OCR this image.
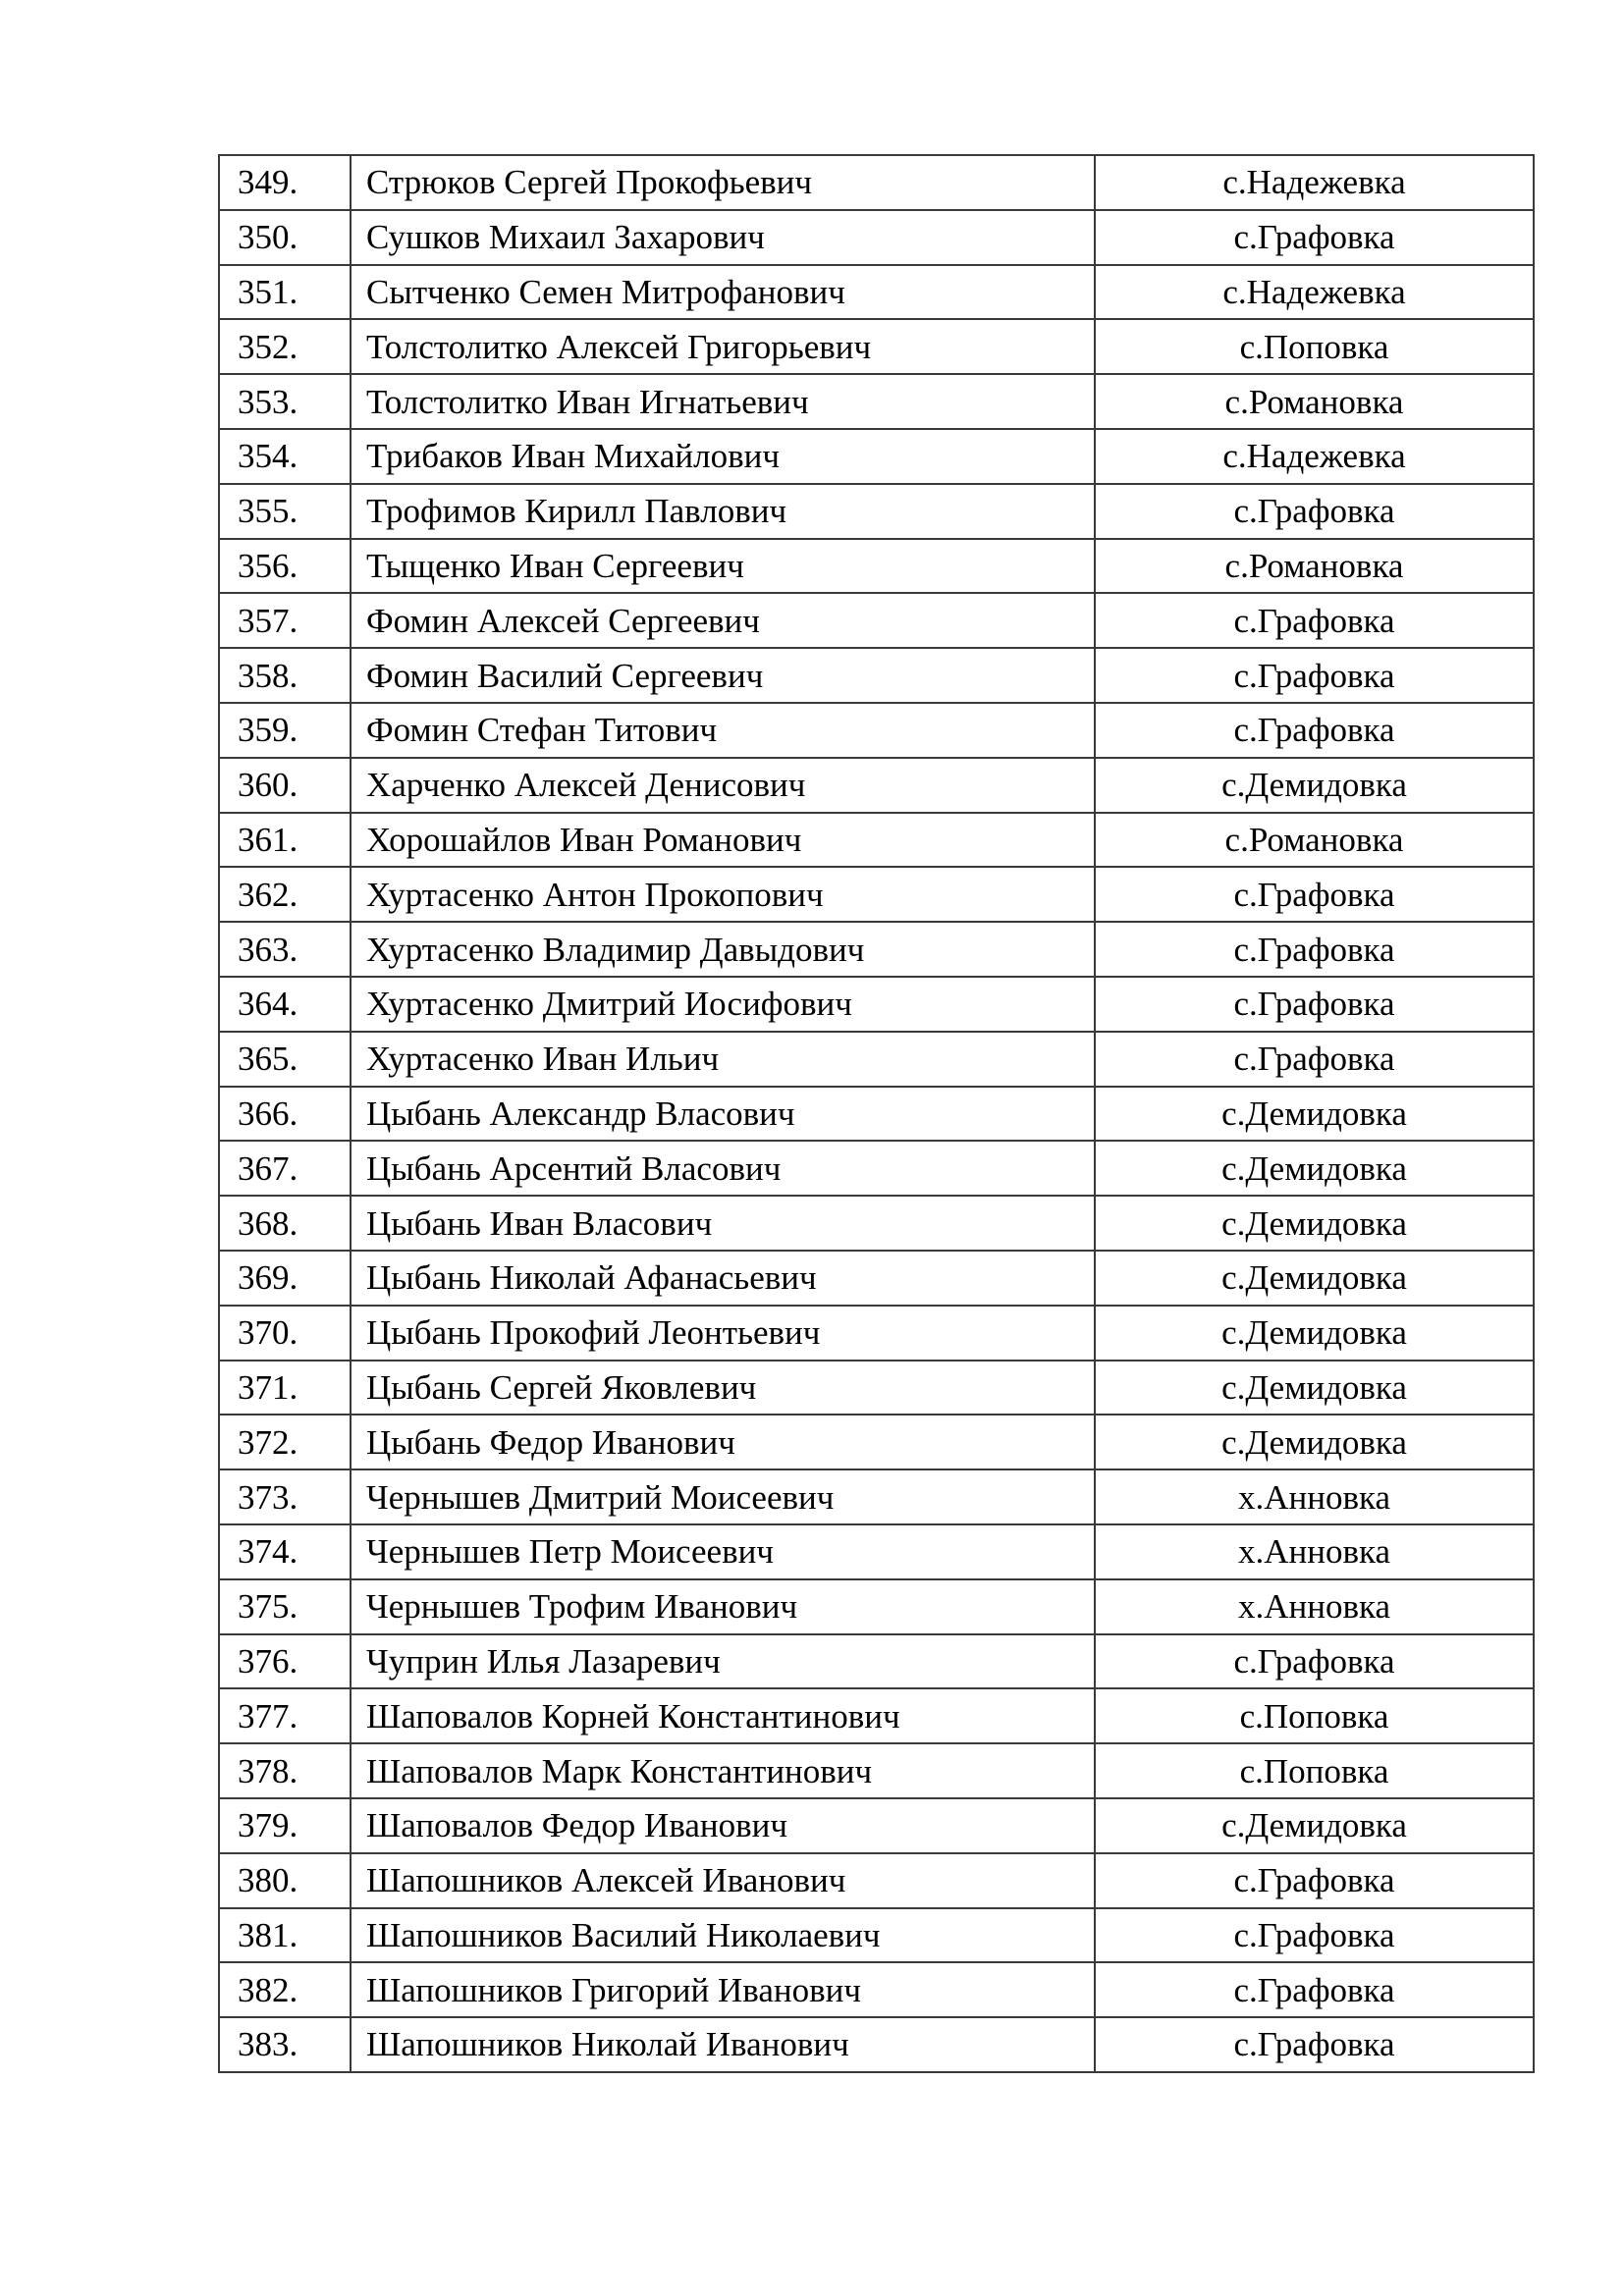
349.	Стрюков Сергей Прокофьевич	с.Надежевка
350.	Сушков Михаил Захарович	с.Графовка
351.	Сытченко Семен Митрофанович	с.Надежевка
352.	Толстолитко Алексей Григорьевич	с.Поповка
353.	Толстолитко Иван Игнатьевич	с.Романовка
354.	Трибаков Иван Михайлович	с.Надежевка
355.	Трофимов Кирилл Павлович	с.Графовка
356.	Тыщенко Иван Сергеевич	с.Романовка
357.	Фомин Алексей Сергеевич	с.Графовка
358.	Фомин Василий Сергеевич	с.Графовка
359.	Фомин Стефан Титович	с.Графовка
360.	Харченко Алексей Денисович	с.Демидовка
361.	Хорошайлов Иван Романович	с.Романовка
362.	Хуртасенко Антон Прокопович	с.Графовка
363.	Хуртасенко Владимир Давыдович	с.Графовка
364.	Хуртасенко Дмитрий Иосифович	с.Графовка
365.	Хуртасенко Иван Ильич	с.Графовка
366.	Цыбань Александр Власович	с.Демидовка
367.	Цыбань Арсентий Власович	с.Демидовка
368.	Цыбань Иван Власович	с.Демидовка
369.	Цыбань Николай Афанасьевич	с.Демидовка
370.	Цыбань Прокофий Леонтьевич	с.Демидовка
371.	Цыбань Сергей Яковлевич	с.Демидовка
372.	Цыбань Федор Иванович	с.Демидовка
373.	Чернышев Дмитрий Моисеевич	х.Анновка
374.	Чернышев Петр Моисеевич	х.Анновка
375.	Чернышев Трофим Иванович	х.Анновка
376.	Чуприн Илья Лазаревич	с.Графовка
377.	Шаповалов Корней Константинович	с.Поповка
378.	Шаповалов Марк Константинович	с.Поповка
379.	Шаповалов Федор Иванович	с.Демидовка
380.	Шапошников Алексей Иванович	с.Графовка
381.	Шапошников Василий Николаевич	с.Графовка
382.	Шапошников Григорий Иванович	с.Графовка
383.	Шапошников Николай Иванович	с.Графовка
